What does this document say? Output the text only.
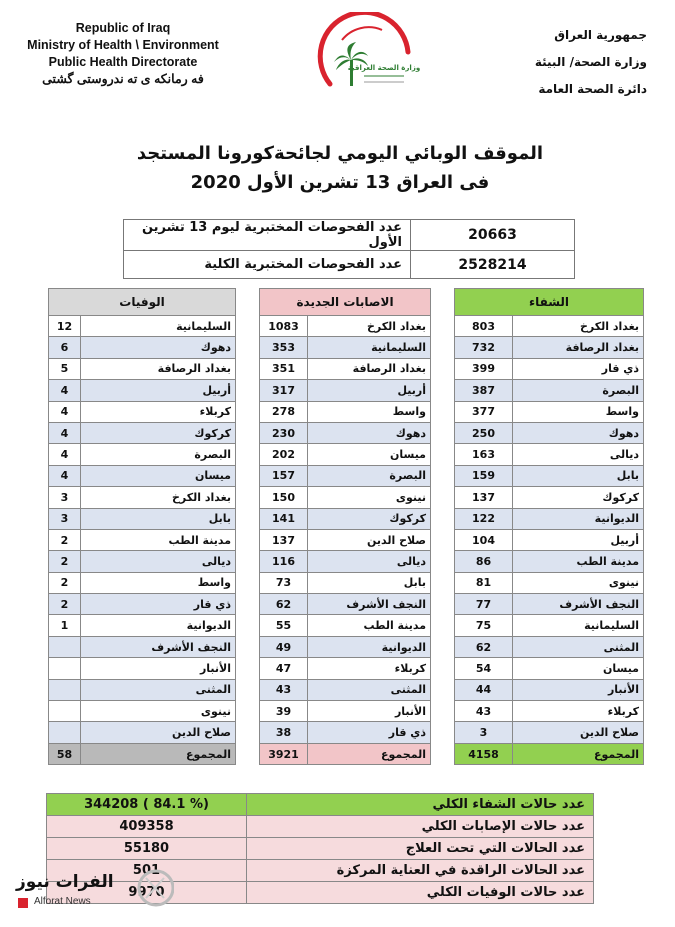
Republic of Iraq
Ministry of Health \ Environment
Public Health Directorate
فه رمانكه ى ته ندروستى گشتى
وزارة الصحة العراقية
جمهورية العراق
وزارة الصحة/ البيئة
دائرة الصحة العامة
الموقف الوبائي اليومي لجائحةكورونا المستجد
فى العراق 13 تشرين الأول 2020
عدد الفحوصات المختبرية ليوم 13 تشرين الأول	20663
عدد الفحوصات المختبرية الكلية	2528214
الشفاء	
803	بغداد الكرخ
732	بغداد الرصافة
399	ذي قار
387	البصرة
377	واسط
250	دهوك
163	ديالى
159	بابل
137	كركوك
122	الديوانية
104	أربيل
86	مدينة الطب
81	نينوى
77	النجف الأشرف
75	السليمانية
62	المثنى
54	ميسان
44	الأنبار
43	كربلاء
3	صلاح الدين
4158	المجموع
الاصابات الجديدة	
1083	بغداد الكرخ
353	السليمانية
351	بغداد الرصافة
317	أربيل
278	واسط
230	دهوك
202	ميسان
157	البصرة
150	نينوى
141	كركوك
137	صلاح الدين
116	ديالى
73	بابل
62	النجف الأشرف
55	مدينة الطب
49	الديوانية
47	كربلاء
43	المثنى
39	الأنبار
38	ذي قار
3921	المجموع
الوفيات	
12	السليمانية
6	دهوك
5	بغداد الرصافة
4	أربيل
4	كربلاء
4	كركوك
4	البصرة
4	ميسان
3	بغداد الكرخ
3	بابل
2	مدينة الطب
2	ديالى
2	واسط
2	ذي قار
1	الديوانية
	النجف الأشرف
	الأنبار
	المثنى
	نينوى
	صلاح الدين
58	المجموع
344208 ( 84.1 %)	عدد حالات الشفاء الكلي
409358	عدد حالات الإصابات الكلي
55180	عدد الحالات التي تحت العلاج
501	عدد الحالات الراقدة في العناية المركزة
9970	عدد حالات الوفيات الكلي
الفرات نيوز
Alforat News
